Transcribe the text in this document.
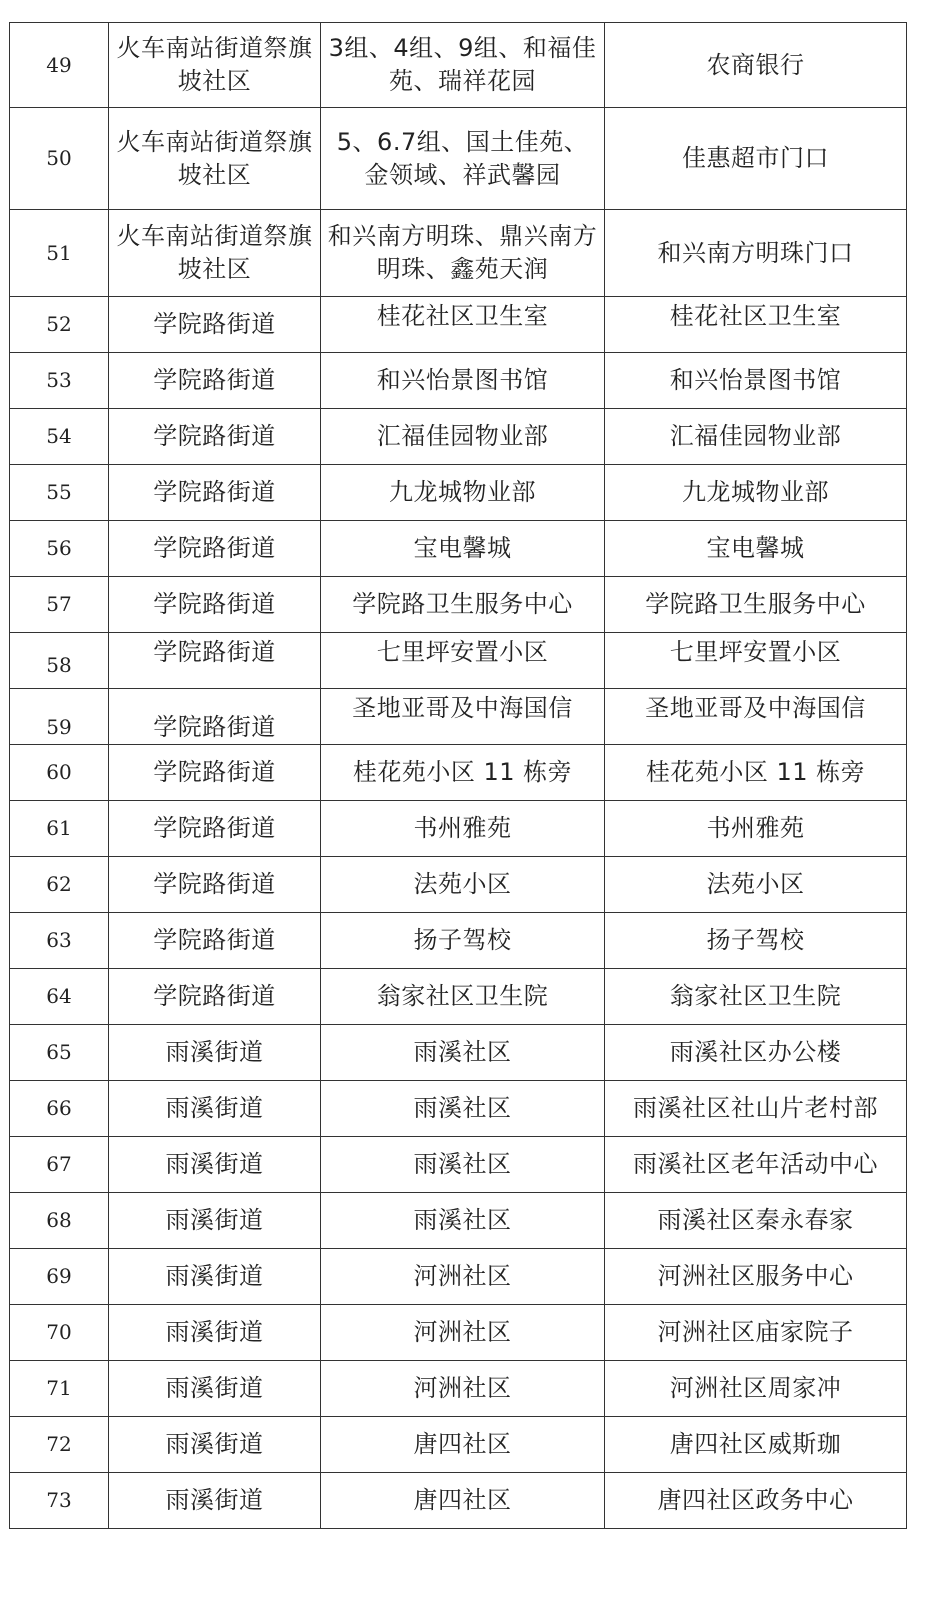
49	火车南站街道祭旗坡社区	3组、4组、9组、和福佳苑、瑞祥花园	农商银行
50	火车南站街道祭旗坡社区	5、6.7组、国土佳苑、金领域、祥武馨园	佳惠超市门口
51	火车南站街道祭旗坡社区	和兴南方明珠、鼎兴南方明珠、鑫苑天润	和兴南方明珠门口
52	学院路街道	桂花社区卫生室	桂花社区卫生室
53	学院路街道	和兴怡景图书馆	和兴怡景图书馆
54	学院路街道	汇福佳园物业部	汇福佳园物业部
55	学院路街道	九龙城物业部	九龙城物业部
56	学院路街道	宝电馨城	宝电馨城
57	学院路街道	学院路卫生服务中心	学院路卫生服务中心
58	学院路街道	七里坪安置小区	七里坪安置小区
59	学院路街道	圣地亚哥及中海国信	圣地亚哥及中海国信
60	学院路街道	桂花苑小区 11 栋旁	桂花苑小区 11 栋旁
61	学院路街道	书州雅苑	书州雅苑
62	学院路街道	法苑小区	法苑小区
63	学院路街道	扬子驾校	扬子驾校
64	学院路街道	翁家社区卫生院	翁家社区卫生院
65	雨溪街道	雨溪社区	雨溪社区办公楼
66	雨溪街道	雨溪社区	雨溪社区社山片老村部
67	雨溪街道	雨溪社区	雨溪社区老年活动中心
68	雨溪街道	雨溪社区	雨溪社区秦永春家
69	雨溪街道	河洲社区	河洲社区服务中心
70	雨溪街道	河洲社区	河洲社区庙家院子
71	雨溪街道	河洲社区	河洲社区周家冲
72	雨溪街道	唐四社区	唐四社区威斯珈
73	雨溪街道	唐四社区	唐四社区政务中心
